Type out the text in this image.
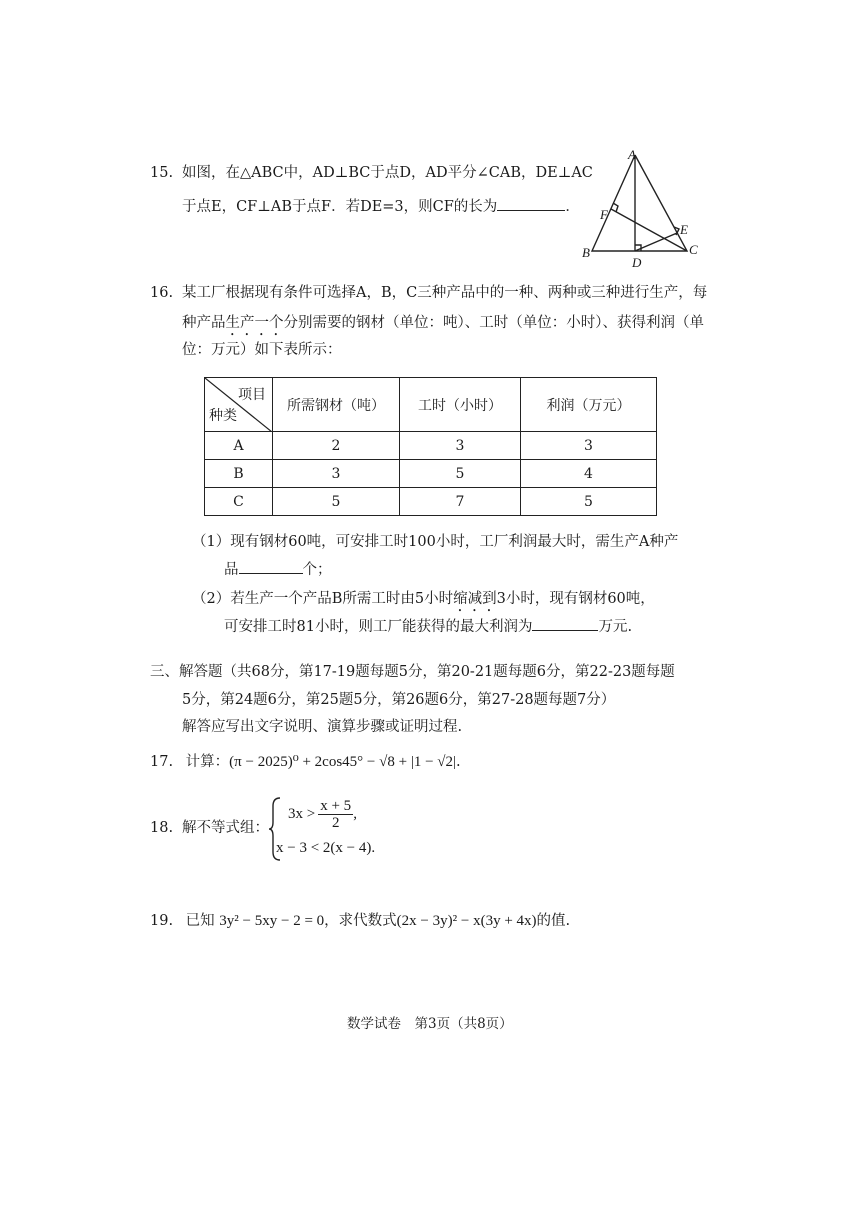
15. 如图，在△ABC中，AD⊥BC于点D，AD平分∠CAB，DE⊥AC
于点E，CF⊥AB于点F．若DE=3，则CF的长为	．
A
B	C
D
E
F
16. 某工厂根据现有条件可选择A，B，C三种产品中的一种、两种或三种进行生产，每
种产品生产一个分别需要的钢材（单位：吨）、工时（单位：小时）、获得利润（单
位：万元）如下表所示：
项目
种类	所需钢材（吨）	工时（小时）	利润（万元）
A	2	3	3
B	3	5	4
C	5	7	5
（1）现有钢材60吨，可安排工时100小时，工厂利润最大时，需生产A种产
品	个；
（2）若生产一个产品B所需工时由5小时缩减到3小时，现有钢材60吨，
可安排工时81小时，则工厂能获得的最大利润为	万元.
三、解答题（共68分，第17-19题每题5分，第20-21题每题6分，第22-23题每题
5分，第24题6分，第25题5分，第26题6分，第27-28题每题7分）
解答应写出文字说明、演算步骤或证明过程.
17. 计算：(π − 2025)⁰ + 2cos45° − √8 + |1 − √2|.
18. 解不等式组：
$3x > \frac{x + 5}{2}$ ,
x − 3 < 2(x − 4).
19. 已知 3y² − 5xy − 2 = 0，求代数式(2x − 3y)² − x(3y + 4x)的值.
数学试卷　第3页（共8页）
